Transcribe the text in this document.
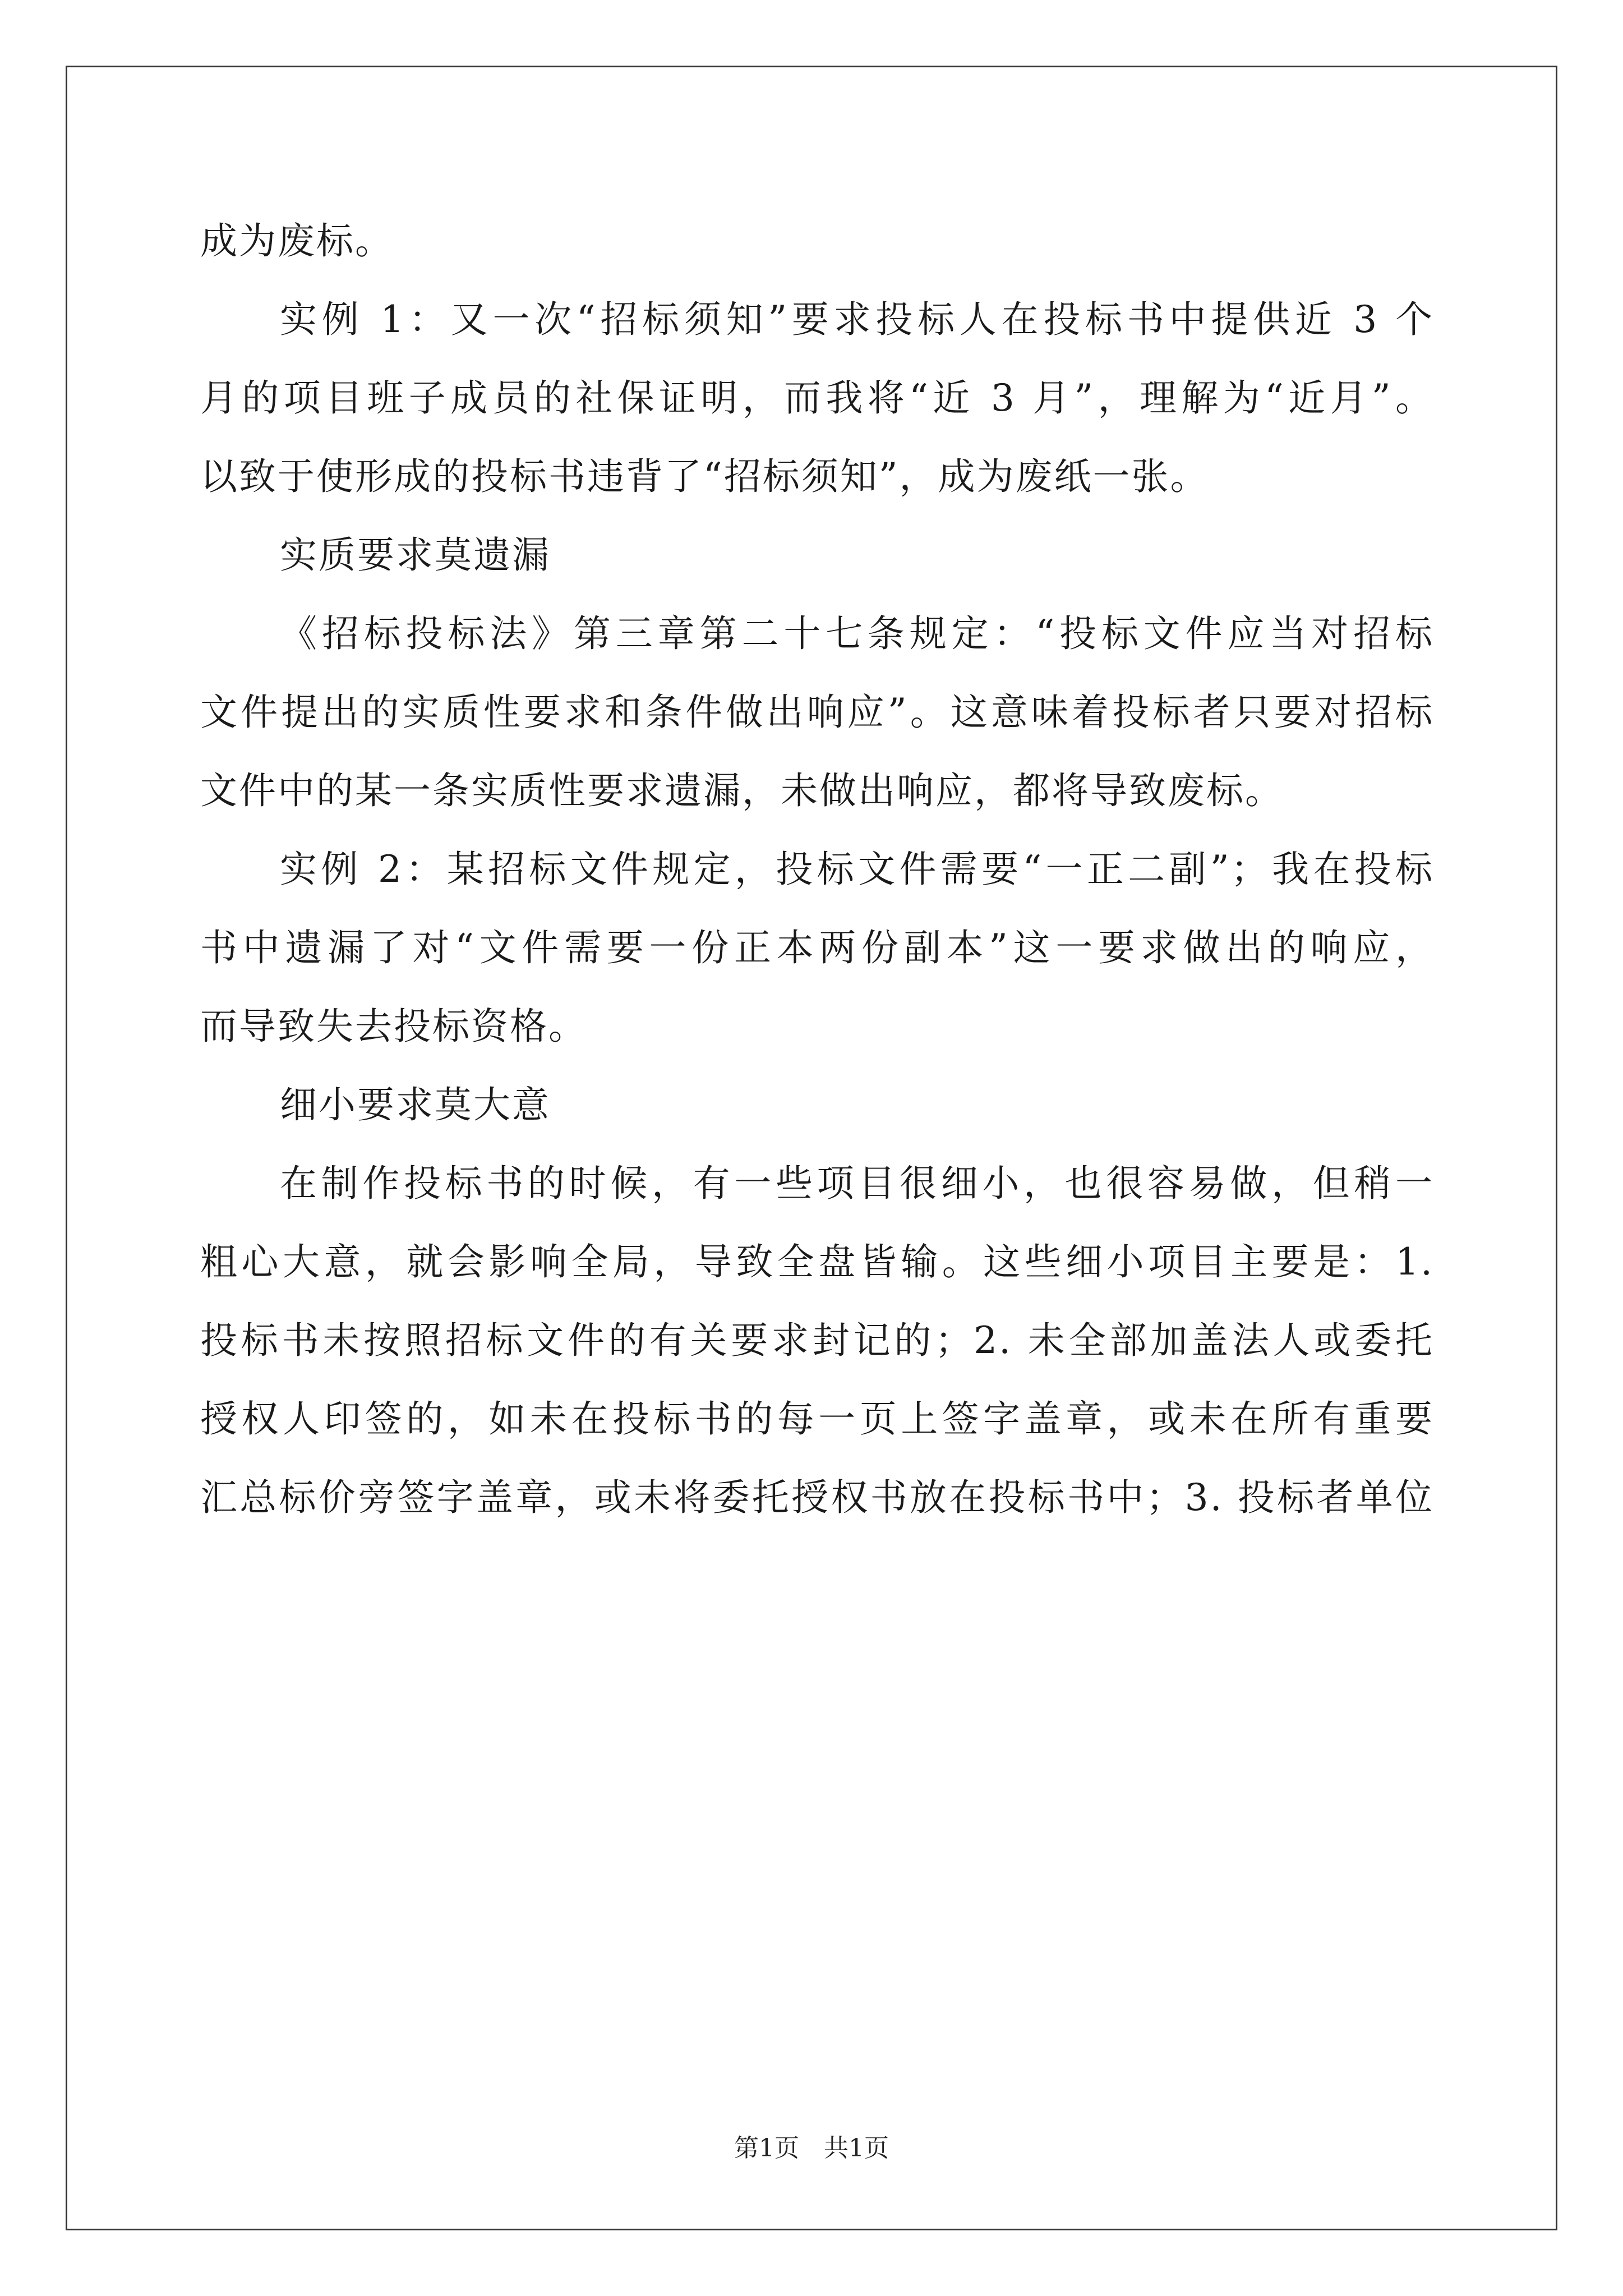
成为废标。
实例 1：又一次“招标须知”要求投标人在投标书中提供近 3 个
月的项目班子成员的社保证明，而我将“近 3 月”，理解为“近月”。
以致于使形成的投标书违背了“招标须知”，成为废纸一张。
实质要求莫遗漏
《招标投标法》第三章第二十七条规定：“投标文件应当对招标
文件提出的实质性要求和条件做出响应”。这意味着投标者只要对招标
文件中的某一条实质性要求遗漏，未做出响应，都将导致废标。
实例 2：某招标文件规定，投标文件需要“一正二副”；我在投标
书中遗漏了对“文件需要一份正本两份副本”这一要求做出的响应，
而导致失去投标资格。
细小要求莫大意
在制作投标书的时候，有一些项目很细小，也很容易做，但稍一
粗心大意，就会影响全局，导致全盘皆输。这些细小项目主要是：1.
投标书未按照招标文件的有关要求封记的；2. 未全部加盖法人或委托
授权人印签的，如未在投标书的每一页上签字盖章，或未在所有重要
汇总标价旁签字盖章，或未将委托授权书放在投标书中；3. 投标者单位
第1页　共1页
